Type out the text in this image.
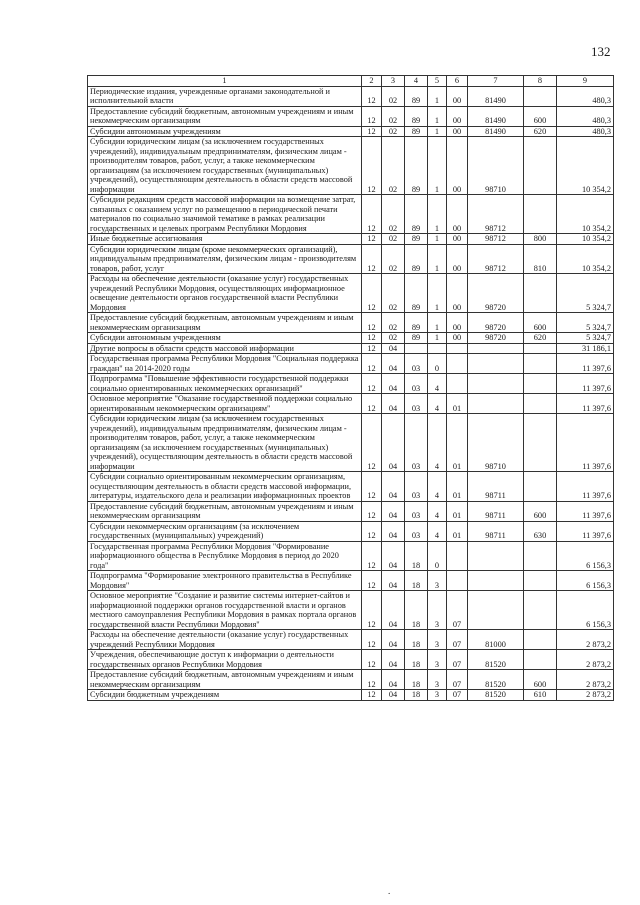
132
1	2	3	4	5	6	7	8	9
Периодические издания, учрежденные органами законодательной и исполнительной власти	12	02	89	1	00	81490		480,3
Предоставление субсидий бюджетным, автономным учреждениям и иным некоммерческим организациям	12	02	89	1	00	81490	600	480,3
Субсидии автономным учреждениям	12	02	89	1	00	81490	620	480,3
Субсидии юридическим лицам (за исключением государственных учреждений), индивидуальным предпринимателям, физическим лицам - производителям товаров, работ, услуг, а также некоммерческим организациям (за исключением государственных (муниципальных) учреждений), осуществляющим деятельность в области средств массовой информации	12	02	89	1	00	98710		10 354,2
Субсидии редакциям средств массовой информации на возмещение затрат, связанных с оказанием услуг по размещению в периодической печати материалов по социально значимой тематике в рамках реализации государственных и целевых программ Республики Мордовия	12	02	89	1	00	98712		10 354,2
Иные бюджетные ассигнования	12	02	89	1	00	98712	800	10 354,2
Субсидии юридическим лицам (кроме некоммерческих организаций), индивидуальным предпринимателям, физическим лицам - производителям товаров, работ, услуг	12	02	89	1	00	98712	810	10 354,2
Расходы на обеспечение деятельности (оказание услуг) государственных учреждений Республики Мордовия, осуществляющих информационное освещение деятельности органов государственной власти Республики Мордовия	12	02	89	1	00	98720		5 324,7
Предоставление субсидий бюджетным, автономным учреждениям и иным некоммерческим организациям	12	02	89	1	00	98720	600	5 324,7
Субсидии автономным учреждениям	12	02	89	1	00	98720	620	5 324,7
Другие вопросы в области средств массовой информации	12	04						31 186,1
Государственная программа Республики Мордовия "Социальная поддержка граждан" на 2014-2020 годы	12	04	03	0				11 397,6
Подпрограмма "Повышение эффективности государственной поддержки социально ориентированных некоммерческих организаций"	12	04	03	4				11 397,6
Основное мероприятие "Оказание государственной поддержки социально ориентированным некоммерческим организациям"	12	04	03	4	01			11 397,6
Субсидии юридическим лицам (за исключением государственных учреждений), индивидуальным предпринимателям, физическим лицам - производителям товаров, работ, услуг, а также некоммерческим организациям (за исключением государственных (муниципальных) учреждений), осуществляющим деятельность в области средств массовой информации	12	04	03	4	01	98710		11 397,6
Субсидии социально ориентированным некоммерческим организациям, осуществляющим деятельность в области средств массовой информации, литературы, издательского дела и реализации информационных проектов	12	04	03	4	01	98711		11 397,6
Предоставление субсидий бюджетным, автономным учреждениям и иным некоммерческим организациям	12	04	03	4	01	98711	600	11 397,6
Субсидии некоммерческим организациям (за исключением государственных (муниципальных) учреждений)	12	04	03	4	01	98711	630	11 397,6
Государственная программа Республики Мордовия "Формирование информационного общества в Республике Мордовия в период до 2020 года"	12	04	18	0				6 156,3
Подпрограмма "Формирование электронного правительства в Республике Мордовия"	12	04	18	3				6 156,3
Основное мероприятие "Создание и развитие системы интернет-сайтов и информационной поддержки органов государственной власти и органов местного самоуправления Республики Мордовия в рамках портала органов государственной власти Республики Мордовия"	12	04	18	3	07			6 156,3
Расходы на обеспечение деятельности (оказание услуг) государственных учреждений Республики Мордовия	12	04	18	3	07	81000		2 873,2
Учреждения, обеспечивающие доступ к информации о деятельности государственных органов Республики Мордовия	12	04	18	3	07	81520		2 873,2
Предоставление субсидий бюджетным, автономным учреждениям и иным некоммерческим организациям	12	04	18	3	07	81520	600	2 873,2
Субсидии бюджетным учреждениям	12	04	18	3	07	81520	610	2 873,2
.
